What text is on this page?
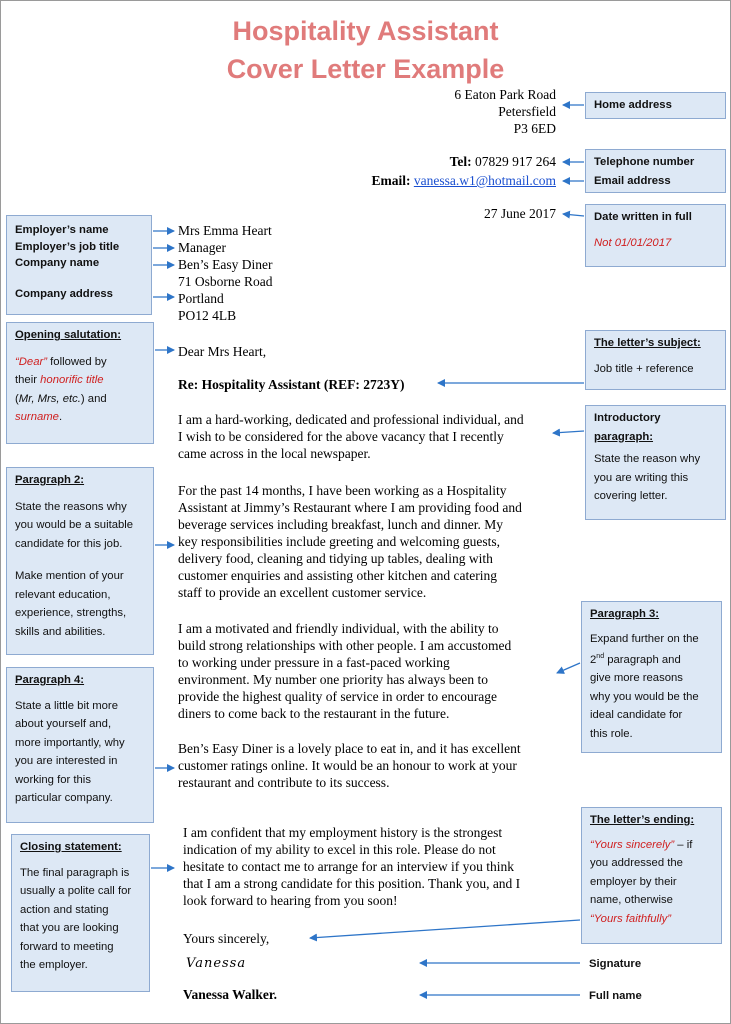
Hospitality Assistant
Cover Letter Example
6 Eaton Park Road
Petersfield
P3 6ED
Tel: 07829 917 264
Email: vanessa.w1@hotmail.com
27 June 2017
Mrs Emma Heart
Manager
Ben’s Easy Diner
71 Osborne Road
Portland
PO12 4LB
Dear Mrs Heart,
Re: Hospitality Assistant (REF: 2723Y)
I am a hard-working, dedicated and professional individual, and
I wish to be considered for the above vacancy that I recently
came across in the local newspaper.
For the past 14 months, I have been working as a Hospitality
Assistant at Jimmy’s Restaurant where I am providing food and
beverage services including breakfast, lunch and dinner. My
key responsibilities include greeting and welcoming guests,
delivery food, cleaning and tidying up tables, dealing with
customer enquiries and assisting other kitchen and catering
staff to provide an excellent customer service.
I am a motivated and friendly individual, with the ability to
build strong relationships with other people. I am accustomed
to working under pressure in a fast-paced working
environment. My number one priority has always been to
provide the highest quality of service in order to encourage
diners to come back to the restaurant in the future.
Ben’s Easy Diner is a lovely place to eat in, and it has excellent
customer ratings online. It would be an honour to work at your
restaurant and contribute to its success.
I am confident that my employment history is the strongest
indication of my ability to excel in this role. Please do not
hesitate to contact me to arrange for an interview if you think
that I am a strong candidate for this position. Thank you, and I
look forward to hearing from you soon!
Yours sincerely,
Vanessa
Vanessa Walker.
Home address
Telephone number
Email address
Date written in full
Not 01/01/2017
The letter’s subject:
Job title + reference
Introductory
paragraph:
State the reason why
you are writing this
covering letter.
Paragraph 3:
Expand further on the
2nd paragraph and
give more reasons
why you would be the
ideal candidate for
this role.
The letter’s ending:
“Yours sincerely” – if
you addressed the
employer by their
name, otherwise
“Yours faithfully”
Signature
Full name
Employer’s name
Employer’s job title
Company name
Company address
Opening salutation:
“Dear” followed by
their honorific title
(Mr, Mrs, etc.) and
surname.
Paragraph 2:
State the reasons why
you would be a suitable
candidate for this job.
Make mention of your
relevant education,
experience, strengths,
skills and abilities.
Paragraph 4:
State a little bit more
about yourself and,
more importantly, why
you are interested in
working for this
particular company.
Closing statement:
The final paragraph is
usually a polite call for
action and stating
that you are looking
forward to meeting
the employer.
